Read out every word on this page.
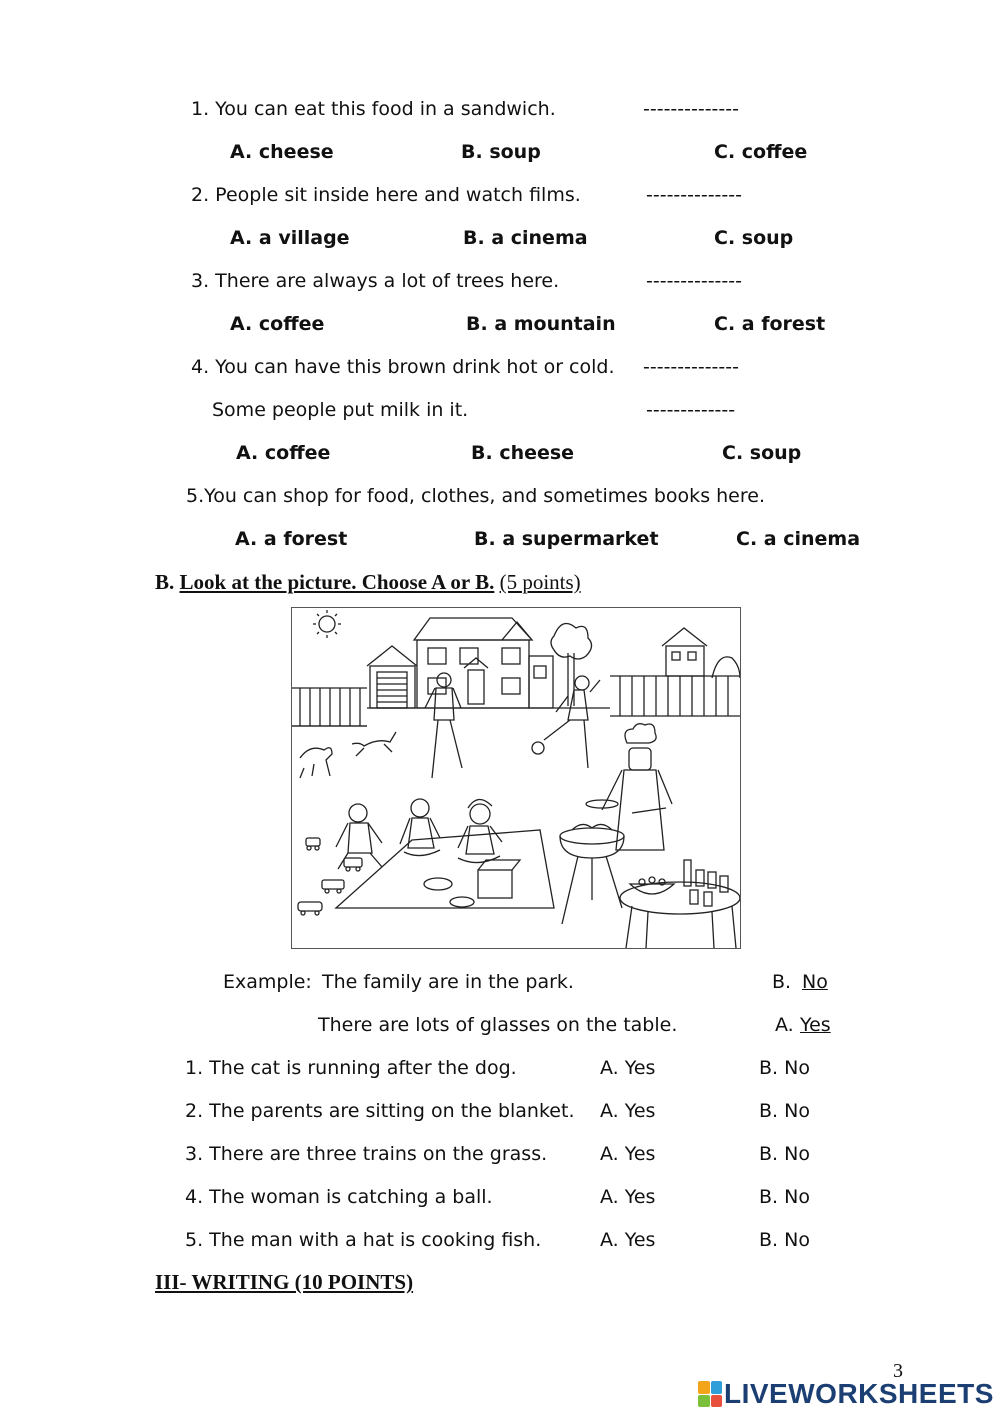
1. You can eat this food in a sandwich.	--------------
A. cheese	B. soup	C. coffee
2. People sit inside here and watch films.	--------------
A. a village	B. a cinema	C. soup
3. There are always a lot of trees here.	--------------
A. coffee	B. a mountain	C. a forest
4. You can have this brown drink hot or cold. --------------
Some people put milk in it.	-------------
A. coffee	B. cheese	C. soup
5.You can shop for food, clothes, and sometimes books here.
A. a forest	B. a supermarket	C. a cinema
B. Look at the picture. Choose A or B. (5 points)
Example: The family are in the park.	B. No
There are lots of glasses on the table.	A. Yes
1. The cat is running after the dog.	A. Yes	B. No
2. The parents are sitting on the blanket. A. Yes	B. No
3. There are three trains on the grass.	A. Yes	B. No
4. The woman is catching a ball.	A. Yes	B. No
5. The man with a hat is cooking fish.	A. Yes	B. No
III- WRITING (10 POINTS)
3
LIVEWORKSHEETS
